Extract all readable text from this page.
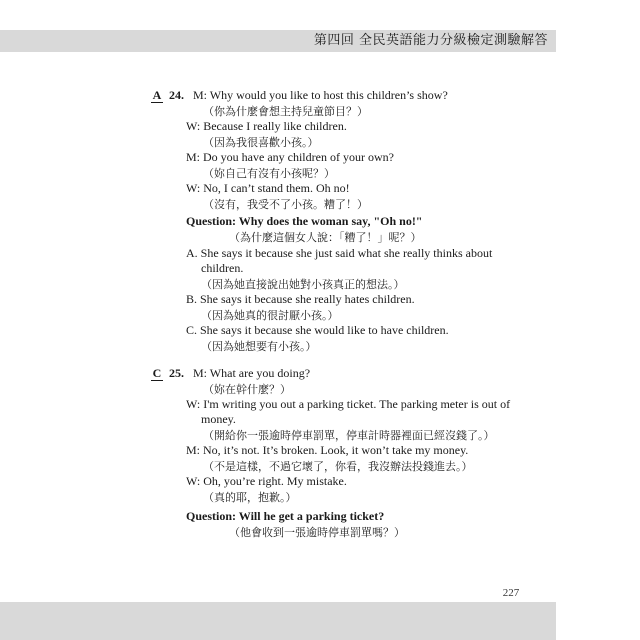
第四回 全民英語能力分級檢定測驗解答
A 24. M: Why would you like to host this children’s show?
（你為什麼會想主持兒童節目？）
W: Because I really like children.
（因為我很喜歡小孩。）
M: Do you have any children of your own?
（妳自己有沒有小孩呢？）
W: No, I can’t stand them. Oh no!
（沒有，我受不了小孩。糟了！）
Question: Why does the woman say, "Oh no!"
（為什麼這個女人說：「糟了！」呢？）
A. She says it because she just said what she really thinks about
children.
（因為她直接說出她對小孩真正的想法。）
B. She says it because she really hates children.
（因為她真的很討厭小孩。）
C. She says it because she would like to have children.
（因為她想要有小孩。）
C 25. M: What are you doing?
（妳在幹什麼？）
W: I'm writing you out a parking ticket. The parking meter is out of
money.
（開給你一張逾時停車罰單，停車計時器裡面已經沒錢了。）
M: No, it’s not. It’s broken. Look, it won’t take my money.
（不是這樣，不過它壞了，你看，我沒辦法投錢進去。）
W: Oh, you’re right. My mistake.
（真的耶，抱歉。）
Question: Will he get a parking ticket?
（他會收到一張逾時停車罰單嗎？）
227
